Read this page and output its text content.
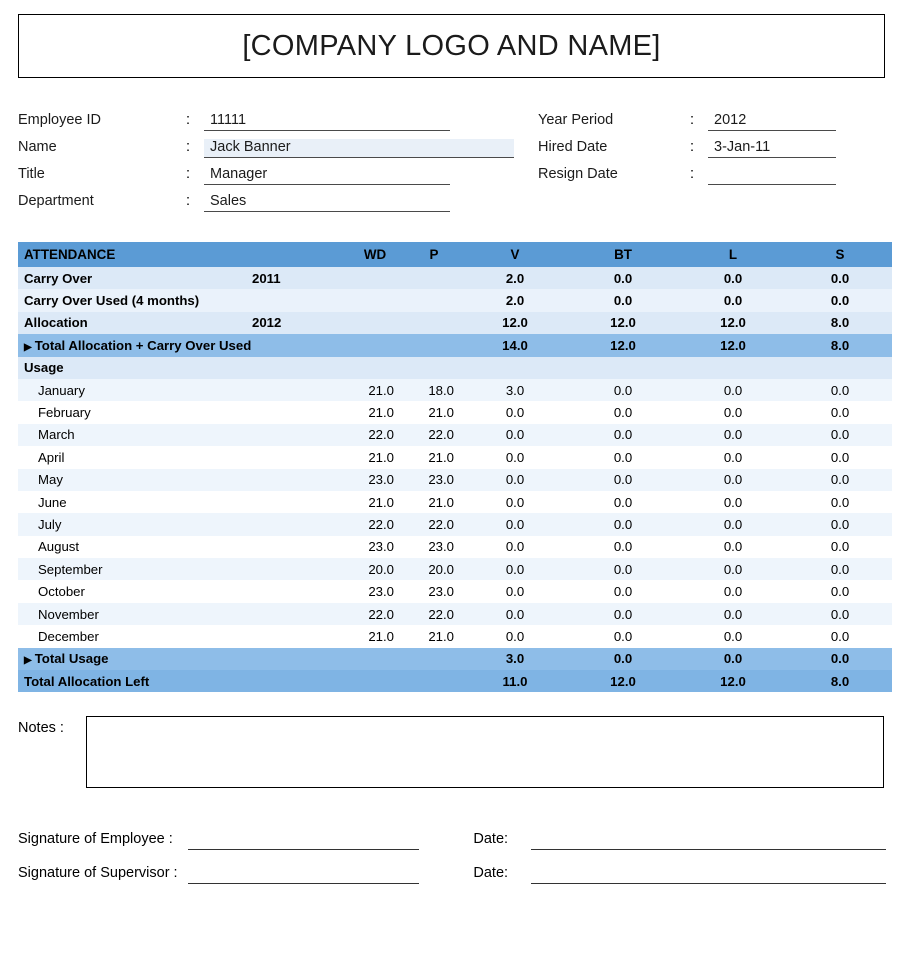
[COMPANY LOGO AND NAME]
Employee ID	:	11111
Name	:	Jack Banner
Title	:	Manager
Department	:	Sales
Year Period	:	2012
Hired Date	:	3-Jan-11
Resign Date	:
ATTENDANCE		WD	P	V	BT	L	S
Carry Over	2011			2.0	0.0	0.0	0.0
Carry Over Used (4 months)				2.0	0.0	0.0	0.0
Allocation	2012			12.0	12.0	12.0	8.0
▶ Total Allocation + Carry Over Used				14.0	12.0	12.0	8.0
Usage							
January		21.0	18.0	3.0	0.0	0.0	0.0
February		21.0	21.0	0.0	0.0	0.0	0.0
March		22.0	22.0	0.0	0.0	0.0	0.0
April		21.0	21.0	0.0	0.0	0.0	0.0
May		23.0	23.0	0.0	0.0	0.0	0.0
June		21.0	21.0	0.0	0.0	0.0	0.0
July		22.0	22.0	0.0	0.0	0.0	0.0
August		23.0	23.0	0.0	0.0	0.0	0.0
September		20.0	20.0	0.0	0.0	0.0	0.0
October		23.0	23.0	0.0	0.0	0.0	0.0
November		22.0	22.0	0.0	0.0	0.0	0.0
December		21.0	21.0	0.0	0.0	0.0	0.0
▶ Total Usage				3.0	0.0	0.0	0.0
Total Allocation Left				11.0	12.0	12.0	8.0
Notes :
Signature of Employee :	Date:
Signature of Supervisor :	Date:
